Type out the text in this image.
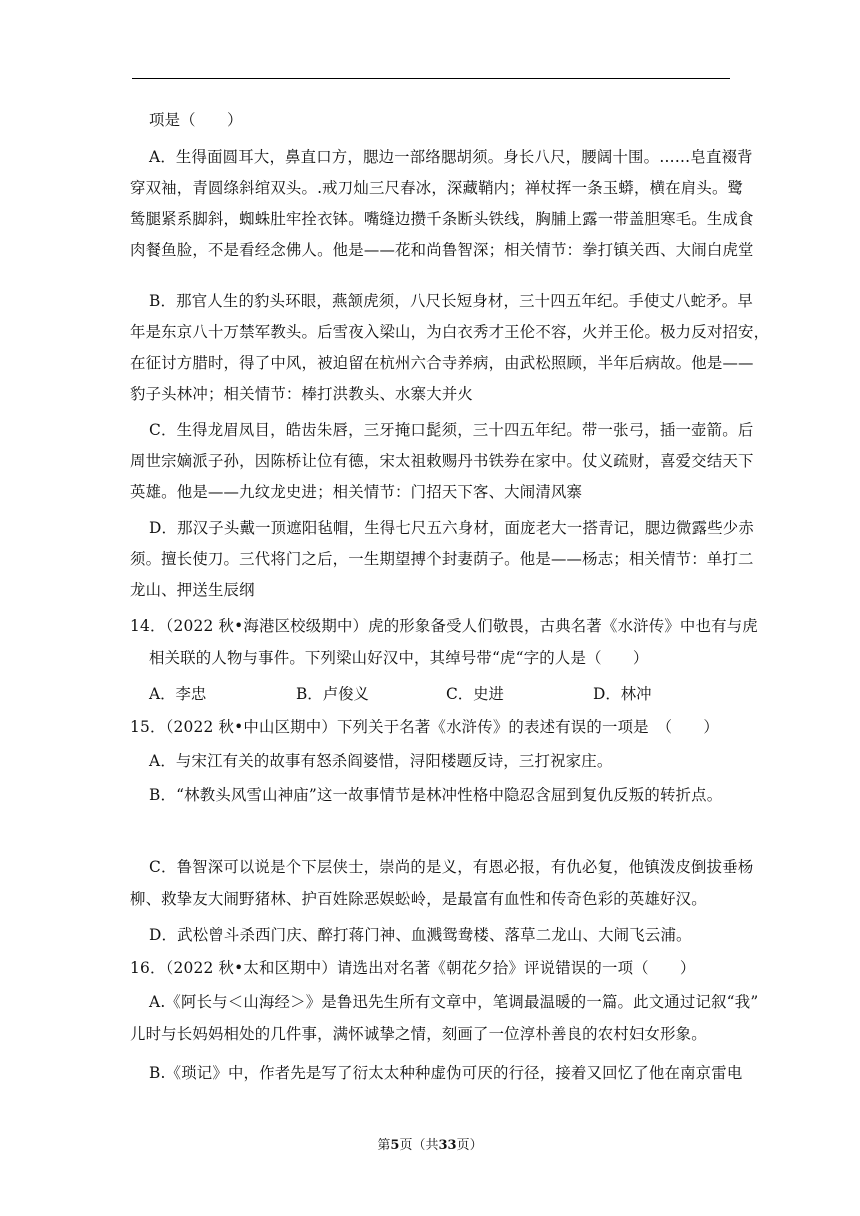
项是（　　）
A．生得面圆耳大，鼻直口方，腮边一部络腮胡须。身长八尺，腰阔十围。……皂直裰背
穿双袖，青圆绦斜绾双头。.戒刀灿三尺春冰，深藏鞘内；禅杖挥一条玉蟒，横在肩头。鹭
鸶腿紧系脚斜，蜘蛛肚牢拴衣钵。嘴缝边攒千条断头铁线，胸脯上露一带盖胆寒毛。生成食
肉餐鱼脸，不是看经念佛人。他是——花和尚鲁智深；相关情节：拳打镇关西、大闹白虎堂
B．那官人生的豹头环眼，燕颔虎须，八尺长短身材，三十四五年纪。手使丈八蛇矛。早
年是东京八十万禁军教头。后雪夜入梁山，为白衣秀才王伦不容，火并王伦。极力反对招安，
在征讨方腊时，得了中风，被迫留在杭州六合寺养病，由武松照顾，半年后病故。他是——
豹子头林冲；相关情节：棒打洪教头、水寨大并火
C．生得龙眉凤目，皓齿朱唇，三牙掩口髭须，三十四五年纪。带一张弓，插一壶箭。后
周世宗嫡派子孙，因陈桥让位有德，宋太祖敕赐丹书铁券在家中。仗义疏财，喜爱交结天下
英雄。他是——九纹龙史进；相关情节：门招天下客、大闹清风寨
D．那汉子头戴一顶遮阳毡帽，生得七尺五六身材，面庞老大一搭青记，腮边微露些少赤
须。擅长使刀。三代将门之后，一生期望搏个封妻荫子。他是——杨志；相关情节：单打二
龙山、押送生辰纲
14．（2022 秋•海港区校级期中）虎的形象备受人们敬畏，古典名著《水浒传》中也有与虎
相关联的人物与事件。下列梁山好汉中，其绰号带“虎“字的人是（　　）
A．李忠	B．卢俊义	C．史进	D．林冲
15．（2022 秋•中山区期中）下列关于名著《水浒传》的表述有误的一项是　（　　）
A．与宋江有关的故事有怒杀阎婆惜，浔阳楼题反诗，三打祝家庄。
B．“林教头风雪山神庙”这一故事情节是林冲性格中隐忍含屈到复仇反叛的转折点。
C．鲁智深可以说是个下层侠士，崇尚的是义，有恩必报，有仇必复，他镇泼皮倒拔垂杨
柳、救挚友大闹野猪林、护百姓除恶娱蚣岭，是最富有血性和传奇色彩的英雄好汉。
D．武松曾斗杀西门庆、醉打蒋门神、血溅鸳鸯楼、落草二龙山、大闹飞云浦。
16．（2022 秋•太和区期中）请选出对名著《朝花夕拾》评说错误的一项（　　）
A.《阿长与＜山海经＞》是鲁迅先生所有文章中，笔调最温暖的一篇。此文通过记叙“我”
儿时与长妈妈相处的几件事，满怀诚挚之情，刻画了一位淳朴善良的农村妇女形象。
B.《琐记》中，作者先是写了衍太太种种虚伪可厌的行径，接着又回忆了他在南京雷电
第5页（共33页）
